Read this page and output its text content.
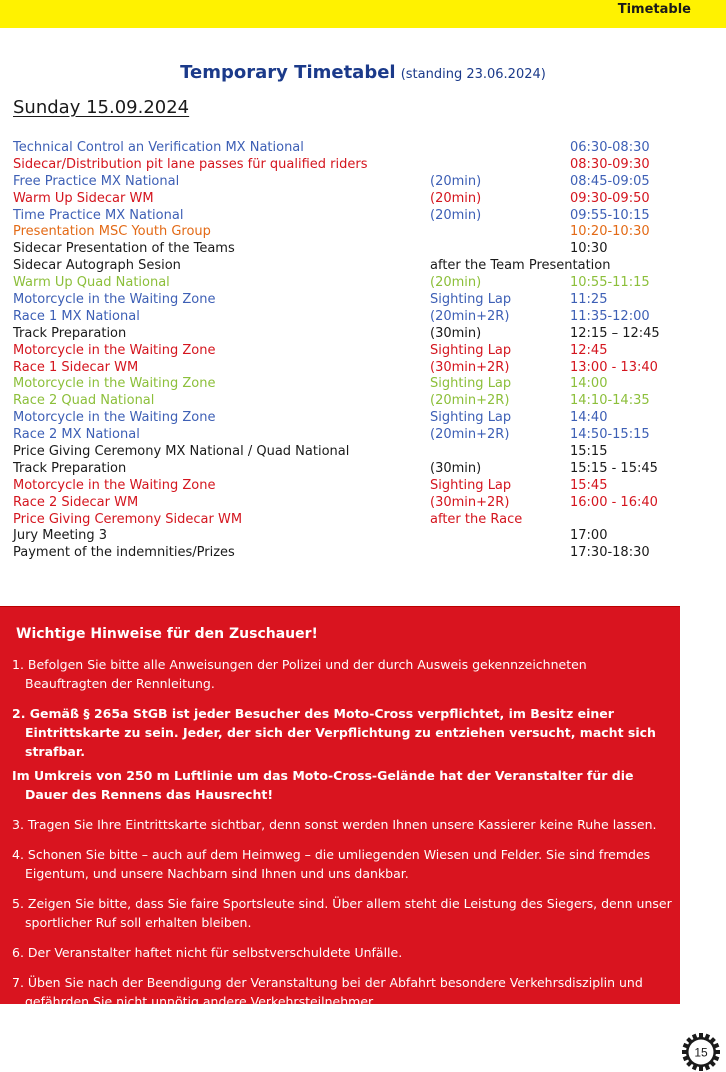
Timetable
Temporary Timetabel (standing 23.06.2024)
Sunday 15.09.2024
Technical Control an Verification MX National	06:30-08:30
Sidecar/Distribution pit lane passes für qualified riders	08:30-09:30
Free Practice MX National	(20min)	08:45-09:05
Warm Up Sidecar WM	(20min)	09:30-09:50
Time Practice MX National	(20min)	09:55-10:15
Presentation MSC Youth Group	10:20-10:30
Sidecar Presentation of the Teams	10:30
Sidecar Autograph Sesion	after the Team Presentation
Warm Up Quad National	(20min)	10:55-11:15
Motorcycle in the Waiting Zone	Sighting Lap	11:25
Race 1 MX National	(20min+2R)	11:35-12:00
Track Preparation	(30min)	12:15 – 12:45
Motorcycle in the Waiting Zone	Sighting Lap	12:45
Race 1 Sidecar WM	(30min+2R)	13:00 - 13:40
Motorcycle in the Waiting Zone	Sighting Lap	14:00
Race 2 Quad National	(20min+2R)	14:10-14:35
Motorcycle in the Waiting Zone	Sighting Lap	14:40
Race 2 MX National	(20min+2R)	14:50-15:15
Price Giving Ceremony MX National / Quad National	15:15
Track Preparation	(30min)	15:15 - 15:45
Motorcycle in the Waiting Zone	Sighting Lap	15:45
Race 2 Sidecar WM	(30min+2R)	16:00 - 16:40
Price Giving Ceremony Sidecar WM	after the Race
Jury Meeting 3	17:00
Payment of the indemnities/Prizes	17:30-18:30
Wichtige Hinweise für den Zuschauer!
1. Befolgen Sie bitte alle Anweisungen der Polizei und der durch Ausweis gekennzeichneten Beauftragten der Rennleitung.
2. Gemäß § 265a StGB ist jeder Besucher des Moto-Cross verpflichtet, im Besitz einer Eintrittskarte zu sein. Jeder, der sich der Verpflichtung zu entziehen versucht, macht sich strafbar.
Im Umkreis von 250 m Luftlinie um das Moto-Cross-Gelände hat der Veranstalter für die Dauer des Rennens das Hausrecht!
3. Tragen Sie Ihre Eintrittskarte sichtbar, denn sonst werden Ihnen unsere Kassierer keine Ruhe lassen.
4. Schonen Sie bitte – auch auf dem Heimweg – die umliegenden Wiesen und Felder. Sie sind fremdes Eigentum, und unsere Nachbarn sind Ihnen und uns dankbar.
5. Zeigen Sie bitte, dass Sie faire Sportsleute sind. Über allem steht die Leistung des Siegers, denn unser sportlicher Ruf soll erhalten bleiben.
6. Der Veranstalter haftet nicht für selbstverschuldete Unfälle.
7. Üben Sie nach der Beendigung der Veranstaltung bei der Abfahrt besondere Verkehrsdisziplin und gefährden Sie nicht unnötig andere Verkehrsteilnehmer.
15
